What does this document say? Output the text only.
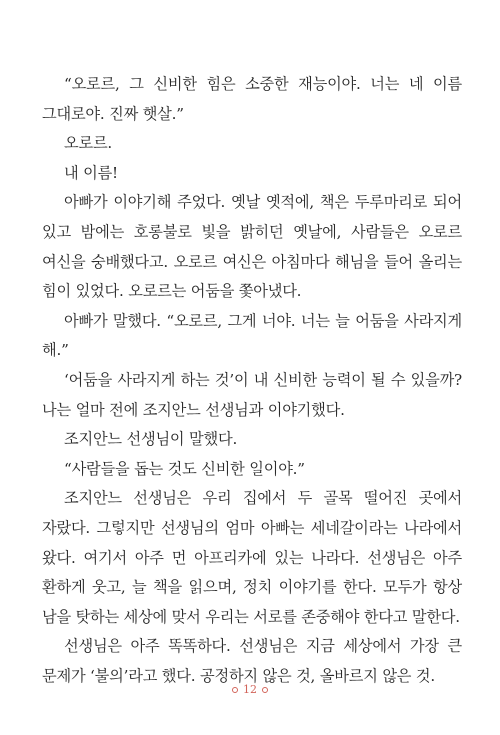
“오로르, 그 신비한 힘은 소중한 재능이야. 너는 네 이름 그대로야. 진짜 햇살.”

오로르.

내 이름!

아빠가 이야기해 주었다. 옛날 옛적에, 책은 두루마리로 되어 있고 밤에는 호롱불로 빛을 밝히던 옛날에, 사람들은 오로르 여신을 숭배했다고. 오로르 여신은 아침마다 해님을 들어 올리는 힘이 있었다. 오로르는 어둠을 쫓아냈다.

아빠가 말했다. “오로르, 그게 너야. 너는 늘 어둠을 사라지게 해.”

‘어둠을 사라지게 하는 것’이 내 신비한 능력이 될 수 있을까? 나는 얼마 전에 조지안느 선생님과 이야기했다.

조지안느 선생님이 말했다.

“사람들을 돕는 것도 신비한 일이야.”

조지안느 선생님은 우리 집에서 두 골목 떨어진 곳에서 자랐다. 그렇지만 선생님의 엄마 아빠는 세네갈이라는 나라에서 왔다. 여기서 아주 먼 아프리카에 있는 나라다. 선생님은 아주 환하게 웃고, 늘 책을 읽으며, 정치 이야기를 한다. 모두가 항상 남을 탓하는 세상에 맞서 우리는 서로를 존중해야 한다고 말한다.

선생님은 아주 똑똑하다. 선생님은 지금 세상에서 가장 큰 문제가 ‘불의’라고 했다. 공정하지 않은 것, 올바르지 않은 것.

12
